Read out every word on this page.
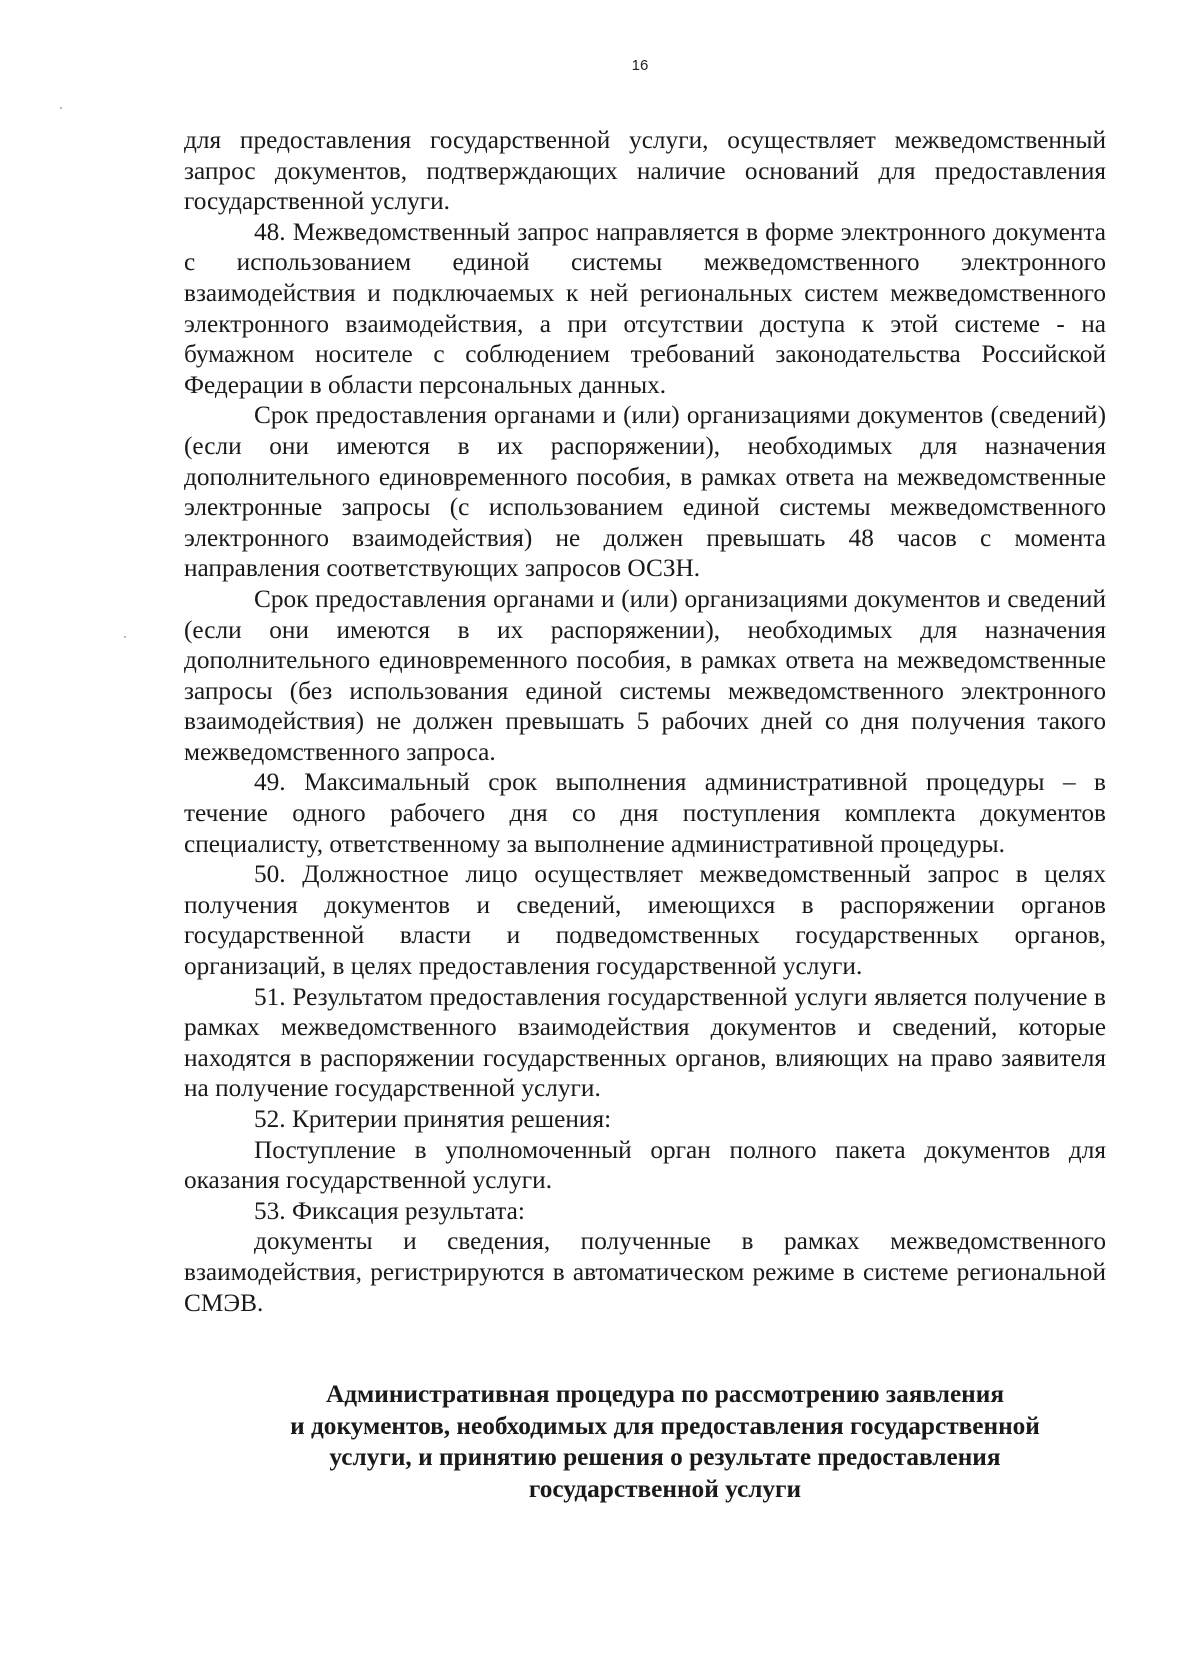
16

для предоставления государственной услуги, осуществляет межведомственный запрос документов, подтверждающих наличие оснований для предоставления государственной услуги.

48. Межведомственный запрос направляется в форме электронного документа с использованием единой системы межведомственного электронного взаимодействия и подключаемых к ней региональных систем межведомственного электронного взаимодействия, а при отсутствии доступа к этой системе - на бумажном носителе с соблюдением требований законодательства Российской Федерации в области персональных данных.

Срок предоставления органами и (или) организациями документов (сведений) (если они имеются в их распоряжении), необходимых для назначения дополнительного единовременного пособия, в рамках ответа на межведомственные электронные запросы (с использованием единой системы межведомственного электронного взаимодействия) не должен превышать 48 часов с момента направления соответствующих запросов ОСЗН.

Срок предоставления органами и (или) организациями документов и сведений (если они имеются в их распоряжении), необходимых для назначения дополнительного единовременного пособия, в рамках ответа на межведомственные запросы (без использования единой системы межведомственного электронного взаимодействия) не должен превышать 5 рабочих дней со дня получения такого межведомственного запроса.

49. Максимальный срок выполнения административной процедуры – в течение одного рабочего дня со дня поступления комплекта документов специалисту, ответственному за выполнение административной процедуры.

50. Должностное лицо осуществляет межведомственный запрос в целях получения документов и сведений, имеющихся в распоряжении органов государственной власти и подведомственных государственных органов, организаций, в целях предоставления государственной услуги.

51. Результатом предоставления государственной услуги является получение в рамках межведомственного взаимодействия документов и сведений, которые находятся в распоряжении государственных органов, влияющих на право заявителя на получение государственной услуги.

52. Критерии принятия решения:

Поступление в уполномоченный орган полного пакета документов для оказания государственной услуги.

53. Фиксация результата:

документы и сведения, полученные в рамках межведомственного взаимодействия, регистрируются в автоматическом режиме в системе региональной СМЭВ.

Административная процедура по рассмотрению заявления
и документов, необходимых для предоставления государственной
услуги, и принятию решения о результате предоставления
государственной услуги
